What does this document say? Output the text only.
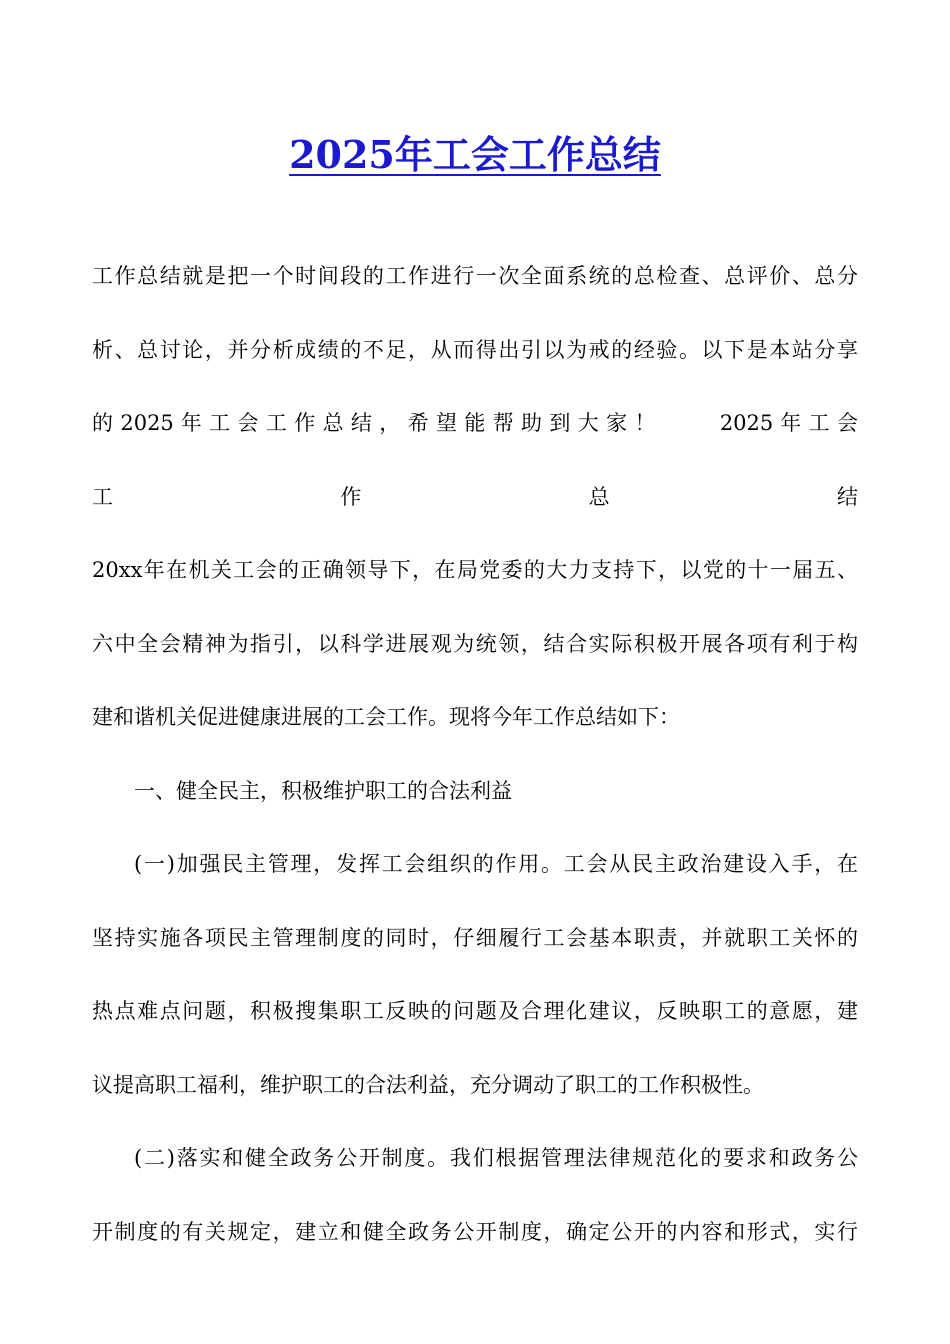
2025年工会工作总结
工作总结就是把一个时间段的工作进行一次全面系统的总检查、总评价、总分
析、总讨论，并分析成绩的不足，从而得出引以为戒的经验。以下是本站分享
的 2025 年 工 会 工 作 总 结 ， 希 望 能 帮 助 到 大 家 ！　　　2025 年 工 会 工 作 总 结
20xx年在机关工会的正确领导下，在局党委的大力支持下，以党的十一届五、
六中全会精神为指引，以科学进展观为统领，结合实际积极开展各项有利于构
建和谐机关促进健康进展的工会工作。现将今年工作总结如下：
一、健全民主，积极维护职工的合法利益
(一)加强民主管理，发挥工会组织的作用。工会从民主政治建设入手，在
坚持实施各项民主管理制度的同时，仔细履行工会基本职责，并就职工关怀的
热点难点问题，积极搜集职工反映的问题及合理化建议，反映职工的意愿，建
议提高职工福利，维护职工的合法利益，充分调动了职工的工作积极性。
(二)落实和健全政务公开制度。我们根据管理法律规范化的要求和政务公
开制度的有关规定，建立和健全政务公开制度，确定公开的内容和形式，实行
